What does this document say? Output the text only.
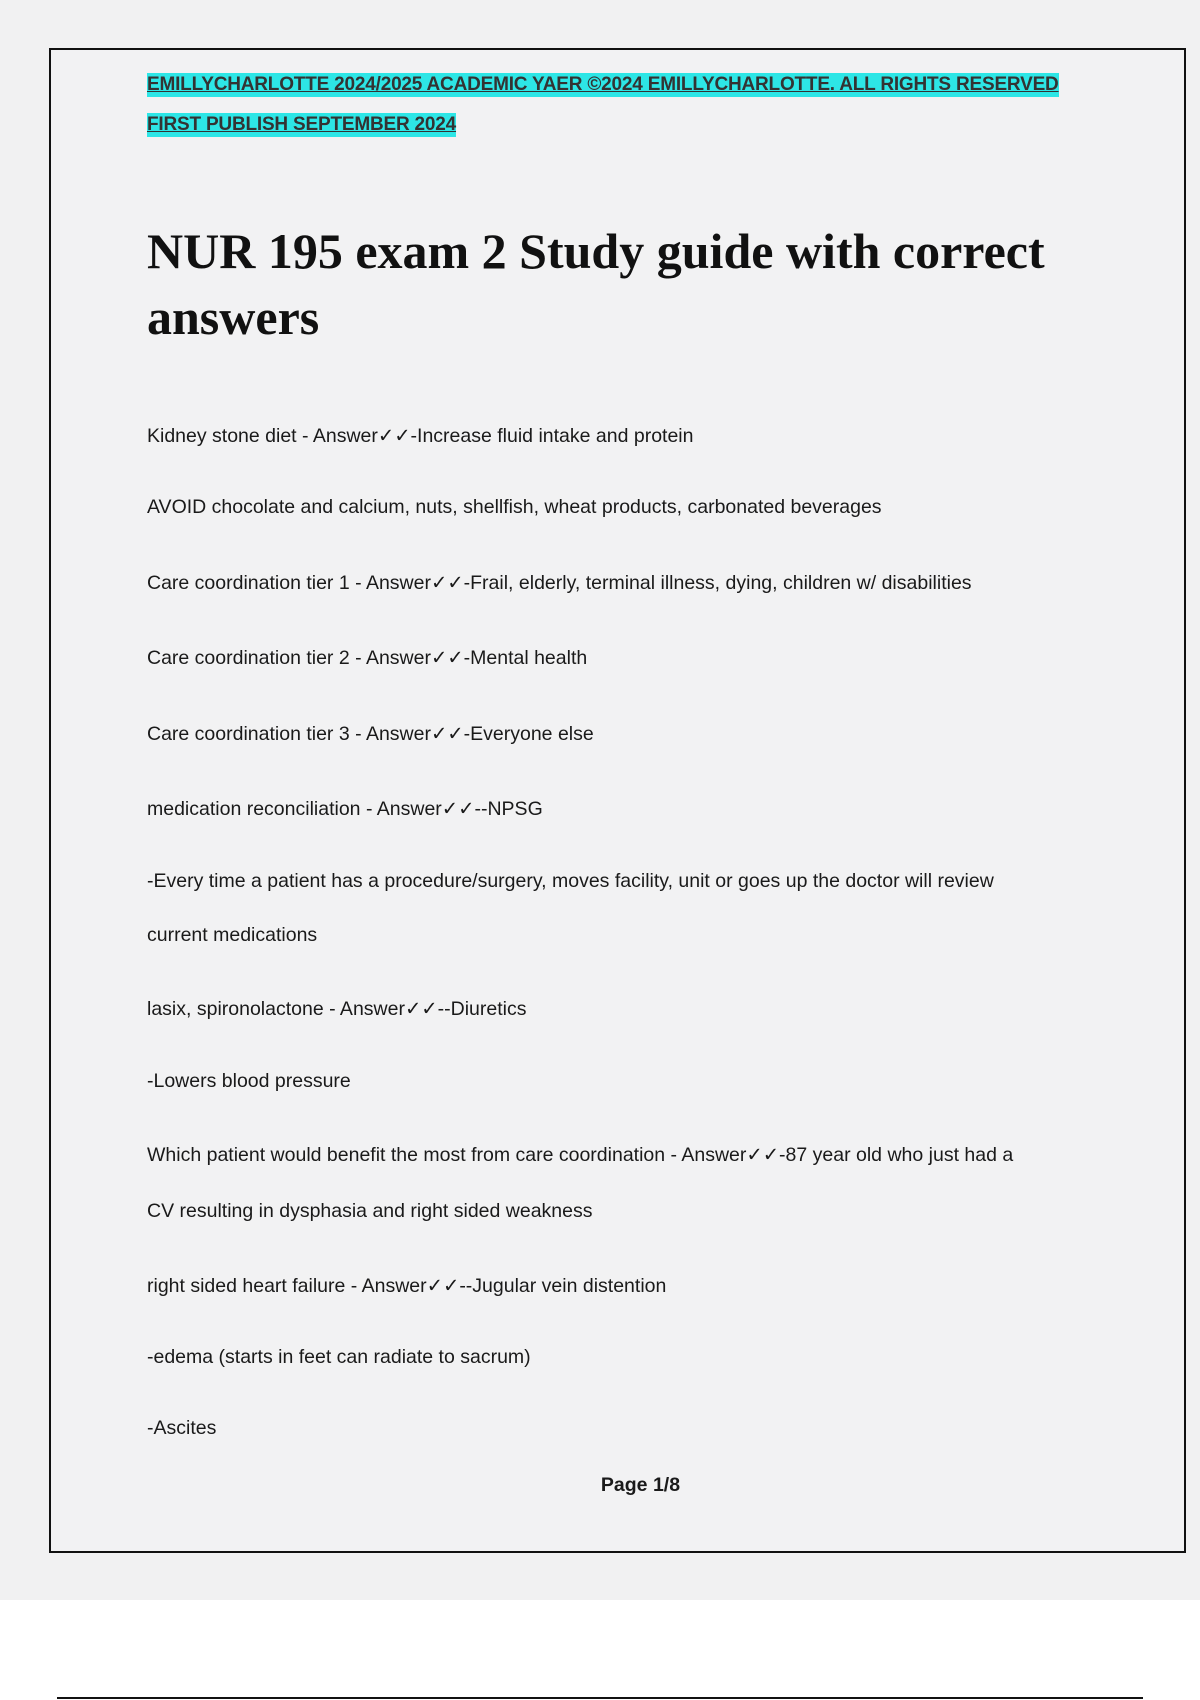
EMILLYCHARLOTTE 2024/2025 ACADEMIC YAER ©2024 EMILLYCHARLOTTE. ALL RIGHTS RESERVED
FIRST PUBLISH SEPTEMBER 2024
NUR 195 exam 2 Study guide with correct answers
Kidney stone diet - Answer✓✓-Increase fluid intake and protein
AVOID chocolate and calcium, nuts, shellfish, wheat products, carbonated beverages
Care coordination tier 1 - Answer✓✓-Frail, elderly, terminal illness, dying, children w/ disabilities
Care coordination tier 2 - Answer✓✓-Mental health
Care coordination tier 3 - Answer✓✓-Everyone else
medication reconciliation - Answer✓✓--NPSG
-Every time a patient has a procedure/surgery, moves facility, unit or goes up the doctor will review
current medications
lasix, spironolactone - Answer✓✓--Diuretics
-Lowers blood pressure
Which patient would benefit the most from care coordination - Answer✓✓-87 year old who just had a
CV resulting in dysphasia and right sided weakness
right sided heart failure - Answer✓✓--Jugular vein distention
-edema (starts in feet can radiate to sacrum)
-Ascites
Page 1/8
